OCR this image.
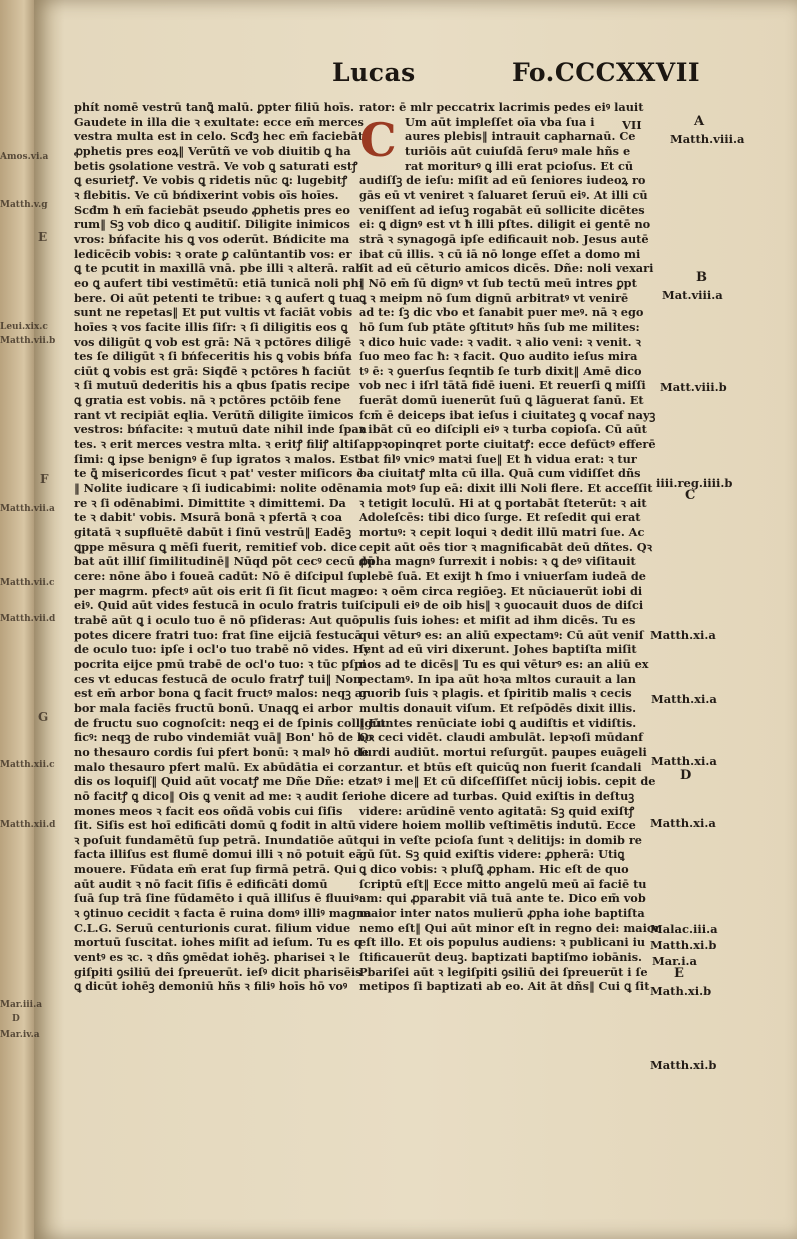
Lucas	Fo.CCCXXVII
phít nomē vestrū tanꝗ̄ malū. ꝑpter filiū hoīs.
Gaudete in illa die ꝛ exultate: ecce em̄ merces
vestra multa est in celo. Scđꝫ hec em̄ faciebāt
ꝓphetis pres eoꝝ‖ Verūtñ ve vob diuitib ꝗ ha
betis ꝯsolatione vestrā. Ve vob ꝗ saturati estꝭ
ꝗ esurietꝭ. Ve vobis ꝗ ridetis nūc ꝗ: lugebitꝭ
ꝛ flebitis. Ve cū bńdixerint vobis oīs hoīes.
Scđm ħ em̄ faciebāt pseudo ꝓphetis pres eo
rum‖ Sꝫ vob dico ꝗ auditiſ. Diligite inimicos
vros: bńfacite his ꝗ vos oderūt. Bńdicite ma
ledicēcib vobis: ꝛ orate ꝑ calūntantib vos: er
ꝗ te pcutit in maxillā vnā. pbe illi ꝛ alterā. rab
eo ꝗ aufert tibi vestimētū: etiā tunicā noli phi
bere. Oi aūt petenti te tribue: ꝛ ꝗ aufert ꝗ tua
sunt ne repetas‖ Et put vultis vt faciāt vobis
hoīes ꝛ vos facite illis ſiſr: ꝛ ſi diligitis eos ꝗ
vos diligūt ꝗ vob est grā: Nā ꝛ pctōres diligē
tes ſe diligūt ꝛ ſi bńfeceritis his ꝗ vobis bńfa
ciūt ꝗ vobis est grā: Siqđē ꝛ pctōres ħ faciūt
ꝛ ſi mutuū dederitis his a qbus ſpatis recipe
ꝗ gratia est vobis. nā ꝛ pctōres pctōib fene
rant vt recipiāt eqlia. Verūtñ diligite īimicos
vestros: bńfacite: ꝛ mutuū date nihil inde ſpan
tes. ꝛ erit merces vestra mlta. ꝛ eritꝭ filiꝭ altiſ
ſimi: ꝗ ipse benignꝰ ē ſup igratos ꝛ malos. Esto
te ꝗ̄ misericordes ſicut ꝛ pat' vester miſicors ē
‖ Nolite iudicare ꝛ ſi iudicabimi: nolite odēna
re ꝛ ſi odēnabimi. Dimittite ꝛ dimittemi. Da
te ꝛ dabit' vobis. Msurā bonā ꝛ pfertā ꝛ coa
gitatā ꝛ supfluētē dabūt i ſinū vestrū‖ Eadēꝫ
ꝗppe mēsura ꝗ mēſi fuerit, remitief vob. dice
bat aūt illiſ ſimilitudinē‖ Nūqd pōt cecꝰ cecū dū
cere: nōne ābo i foueā cadūt: Nō ē diſcipul ſu
per magrm. pfectꝰ aūt ois erit ſi ſit ſicut magr
eiꝰ. Quid aūt vides festucā in oculo fratris tui
trabē aūt ꝗ i oculo tuo ē nō pſideras: Aut quō
potes dicere fratri tuo: frat ſine eijciā festucā
de oculo tuo: ipſe i ocl'o tuo trabē nō vides. Hy
pocrita eijce pmū trabē de ocl'o tuo: ꝛ tūc pſpi
ces vt educas festucā de oculo fratrꝭ tui‖ Non
est em̄ arbor bona ꝗ facit fructꝰ malos: neqꝫ ar
bor mala faciēs fructū bonū. Unaqꝗ ei arbor
de fructu suo cognoſcit: neqꝫ ei de ſpinis colligūt
ficꝰ: neqꝫ de rubo vindemiāt vuā‖ Bon' hō de bo
no thesauro cordis ſui pfert bonū: ꝛ malꝰ hō de
malo thesauro pfert malū. Ex abūdātia ei cor
dis os loquiſ‖ Quid aūt vocatꝭ me Dñe Dñe: et
nō facitꝭ ꝗ dico‖ Ois ꝗ venit ad me: ꝛ audit ſer
mones meos ꝛ facit eos oñdā vobis cui ſiſis
ſit. Siſis est hoī edificāti domū ꝗ fodit in altū
ꝛ poſuit fundamētū ſup petrā. Inundatiōe aūt
facta illiſus est flumē domui illi ꝛ nō potuit eā
mouere. Fūdata em̄ erat ſup firmā petrā. Qui
aūt audit ꝛ nō facit ſiſis ē edificāti domū
ſuā ſup trā ſine fūdamēto i quā illiſus ē fluuiꝰ:
ꝛ ꝯtinuo cecidit ꝛ facta ē ruina domꝰ illiꝰ magna
C.L.G. Seruū centurionis curat. filium vidue
mortuū ſuscitat. iohes miſit ad ieſum. Tu es q
ventꝰ es ꝛc. ꝛ dñs ꝯmēdat iohēꝫ. pharisei ꝛ le
giſpiti ꝯsiliū dei ſpreuerūt. ieſꝰ dicit pharisēis
ꝗ dicūt iohēꝫ demoniū hñs ꝛ filiꝰ hoīs hō voꝰ
rator: ē mlr peccatrix lacrimis pedes eiꝰ lauit
Um aūt impleſſet oīa vba ſua i
aures plebis‖ intrauit capharnaū. Ce
turiōis aūt cuiuſdā ſeruꝰ male hñs e
rat moriturꝰ ꝗ illi erat pcioſus. Et cū
audiſſꝫ de ieſu: miſit ad eū ſeniores iudeoꝝ ro
gās eū vt veniret ꝛ ſaluaret ſeruū eiꝰ. At illi cū
veniſſent ad ieſuꝫ rogabāt eū sollicite dicētes
ei: ꝗ dignꝰ est vt ħ illi pſtes. diligit ei gentē no
strā ꝛ synagogā ipſe edificauit nob. Jesus autē
ibat cū illis. ꝛ cū iā nō longe eſſet a domo mi
ſit ad eū cēturio amicos dicēs. Dñe: noli vexari
‖ Nō em̄ ſū dignꝰ vt ſub tectū meū intres ꝑpt
ꝗ ꝛ meipm nō ſum dignū arbitratꝰ vt venirē
ad te: ſꝫ dic vbo et ſanabit puer meꝰ. nā ꝛ ego
hō ſum ſub ptāte ꝯſtitutꝰ hñs ſub me milites:
ꝛ dico huic vade: ꝛ vadit. ꝛ alio veni: ꝛ venit. ꝛ
ſuo meo fac ħ: ꝛ facit. Quo audito ieſus mira
tꝰ ē: ꝛ ꝯuerſus ſeqntib ſe turb dixit‖ Amē dico
vob nec i iſrl tātā fidē iueni. Et reuerſi ꝗ miſſi
fuerāt domū iuenerūt ſuū ꝗ lāguerat ſanū. Et
fcm̄ ē deiceps ibat ieſus i ciuitateꝫ ꝗ vocaf nayꝫ
ꝛ ibāt cū eo diſcipli eiꝰ ꝛ turba copioſa. Cū aūt
appꝛopinqret porte ciuitatꝭ: ecce defūctꝰ efferē
bat filꝰ vnicꝰ matꝛi ſue‖ Et ħ vidua erat: ꝛ tur
ba ciuitatꝭ mlta cū illa. Quā cum vidiſſet dñs
mia motꝰ ſup eā: dixit illi Noli flere. Et acceſſit
ꝛ tetigit loculū. Hi at ꝗ portabāt ſteterūt: ꝛ ait
Adoleſcēs: tibi dico ſurge. Et reſedit qui erat
mortuꝰ: ꝛ cepit loqui ꝛ dedit illū matri ſue. Ac
cepit aūt oēs tior ꝛ magnificabāt deū dñtes. Qꝛ
ꝓpha magnꝰ ſurrexit i nobis: ꝛ ꝗ deꝰ viſitauit
plebē ſuā. Et exijt ħ ſmo i vniuerſam iudeā de
eo: ꝛ oēm circa regiōeꝫ. Et nūciauerūt iobi di
ſcipuli eiꝰ de oib his‖ ꝛ ꝯuocauit duos de diſci
pulis ſuis iohes: et miſit ad ihm dicēs. Tu es
qui vēturꝰ es: an aliū expectamꝰ: Cū aūt veniſ
ſent ad eū viri dixerunt. Johes baptiſta miſit
nos ad te dicēs‖ Tu es qui vēturꝰ es: an aliū ex
pectamꝰ. In ipa aūt hoꝛa mltos curauit a lan
guorib ſuis ꝛ plagis. et ſpiritib malis ꝛ cecis
multis donauit viſum. Et reſpōdēs dixit illis.
‖ Euntes renūciate iobi ꝗ audiſtis et vidiſtis.
Qꝛ ceci vidēt. claudi ambulāt. lepꝛoſi mūdanf
ſurdi audiūt. mortui reſurgūt. paupes euāgeli
zantur. et btūs eſt quicūꝗ non fuerit ſcandali
zatꝰ i me‖ Et cū diſceſſiſſet nūcij iobis. cepit de
iohe dicere ad turbas. Quid exiſtis in deſtuꝫ
videre: arūdinē vento agitatā: Sꝫ quid exiſtꝭ
videre hoiem mollib veſtimētis indutū. Ecce
qui in veſte pcioſa ſunt ꝛ delitijs: in domib re
gū ſūt. Sꝫ quid exiſtis videre: ꝓpherā: Utiꝗ
ꝗ dico vobis: ꝛ pluſꝗ̄ ꝓpham. Hic eſt de quo
ſcriptū eſt‖ Ecce mitto angelū meū aī faciē tu
am: qui ꝓparabit viā tuā ante te. Dico em̄ vob
maior inter natos mulierū ꝓpha iohe baptiſta
nemo eſt‖ Qui aūt minor eſt in regno dei: maior
eſt illo. Et ois populus audiens: ꝛ publicani iu
ſtificauerūt deuꝫ. baptizati baptiſmo iobānis.
Pbariſei aūt ꝛ legiſpiti ꝯsiliū dei ſpreuerūt i ſe
metipos ſi baptizati ab eo. Ait āt dñs‖ Cui ꝗ ſit
C	VII	A
Matth.viii.a
B
Mat.viii.a
Matt.viii.b
iiii.reg.iiii.b
C
Matth.xi.a
Matth.xi.a
Matth.xi.a
D
Matth.xi.a
Malac.iii.a
Matth.xi.b
Mar.i.a
E
Math.xi.b
Matth.xi.b
Amos.vi.a
E
Matth.v.g
Leui.xix.c
Matth.vii.b
F
Matth.vii.a
Matth.vii.c
Matth.vii.d
G
Matth.xii.c
Matth.xii.d
Mar.iii.a
D
Mar.iv.a
